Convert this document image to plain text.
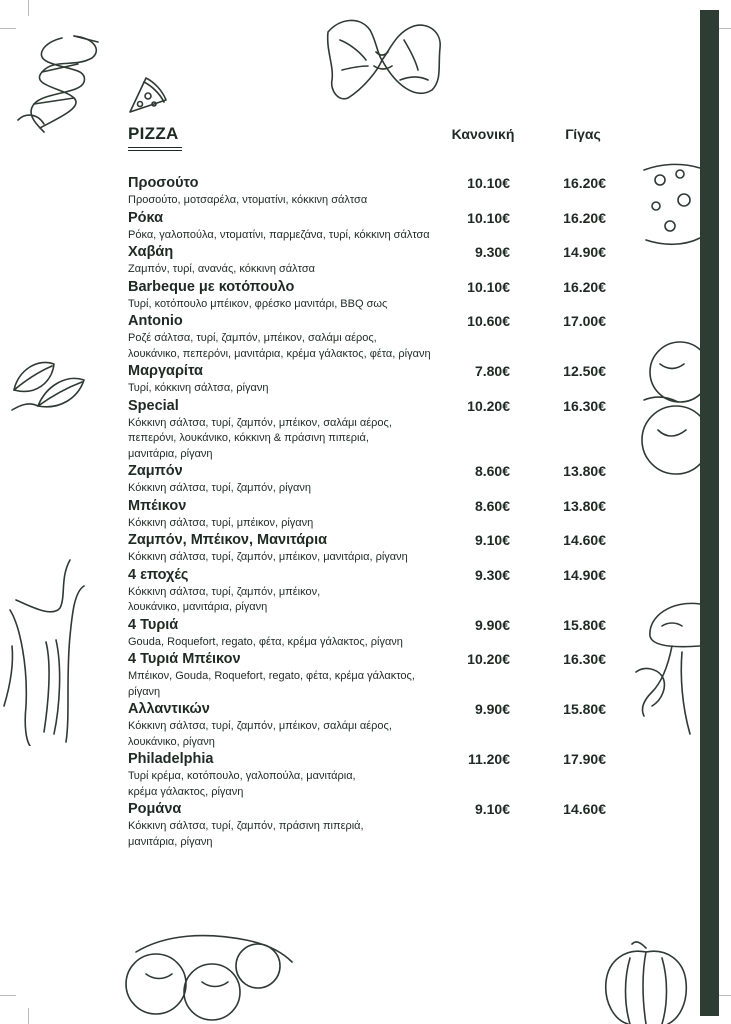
PIZZA	Κανονική	Γίγας
Προσούτο
Προσούτο, μοτσαρέλα, ντοματίνι, κόκκινη σάλτσα
10.10€	16.20€
Ρόκα
Ρόκα, γαλοπούλα, ντοματίνι, παρμεζάνα, τυρί, κόκκινη σάλτσα
10.10€	16.20€
Χαβάη
Ζαμπόν, τυρί, ανανάς, κόκκινη σάλτσα
9.30€	14.90€
Barbeque με κοτόπουλο
Τυρί, κοτόπουλο μπέικον, φρέσκο μανιτάρι, BBQ σως
10.10€	16.20€
Antonio
Ροζέ σάλτσα, τυρί, ζαμπόν, μπέικον, σαλάμι αέρος,
λουκάνικο, πεπερόνι, μανιτάρια, κρέμα γάλακτος, φέτα, ρίγανη
10.60€	17.00€
Μαργαρίτα
Τυρί, κόκκινη σάλτσα, ρίγανη
7.80€	12.50€
Special
Κόκκινη σάλτσα, τυρί, ζαμπόν, μπέικον, σαλάμι αέρος,
πεπερόνι, λουκάνικο, κόκκινη & πράσινη πιπεριά,
μανιτάρια, ρίγανη
10.20€	16.30€
Ζαμπόν
Κόκκινη σάλτσα, τυρί, ζαμπόν, ρίγανη
8.60€	13.80€
Μπέικον
Κόκκινη σάλτσα, τυρί, μπέικον, ρίγανη
8.60€	13.80€
Ζαμπόν, Μπέικον, Μανιτάρια
Κόκκινη σάλτσα, τυρί, ζαμπόν, μπέικον, μανιτάρια, ρίγανη
9.10€	14.60€
4 εποχές
Κόκκινη σάλτσα, τυρί, ζαμπόν, μπέικον,
λουκάνικο, μανιτάρια, ρίγανη
9.30€	14.90€
4 Τυριά
Gouda, Roquefort, regato, φέτα, κρέμα γάλακτος, ρίγανη
9.90€	15.80€
4 Τυριά Μπέικον
Μπέικον, Gouda, Roquefort, regato, φέτα, κρέμα γάλακτος,
ρίγανη
10.20€	16.30€
Αλλαντικών
Κόκκινη σάλτσα, τυρί, ζαμπόν, μπέικον, σαλάμι αέρος,
λουκάνικο, ρίγανη
9.90€	15.80€
Philadelphia
Τυρί κρέμα, κοτόπουλο, γαλοπούλα, μανιτάρια,
κρέμα γάλακτος, ρίγανη
11.20€	17.90€
Ρομάνα
Κόκκινη σάλτσα, τυρί, ζαμπόν, πράσινη πιπεριά,
μανιτάρια, ρίγανη
9.10€	14.60€
